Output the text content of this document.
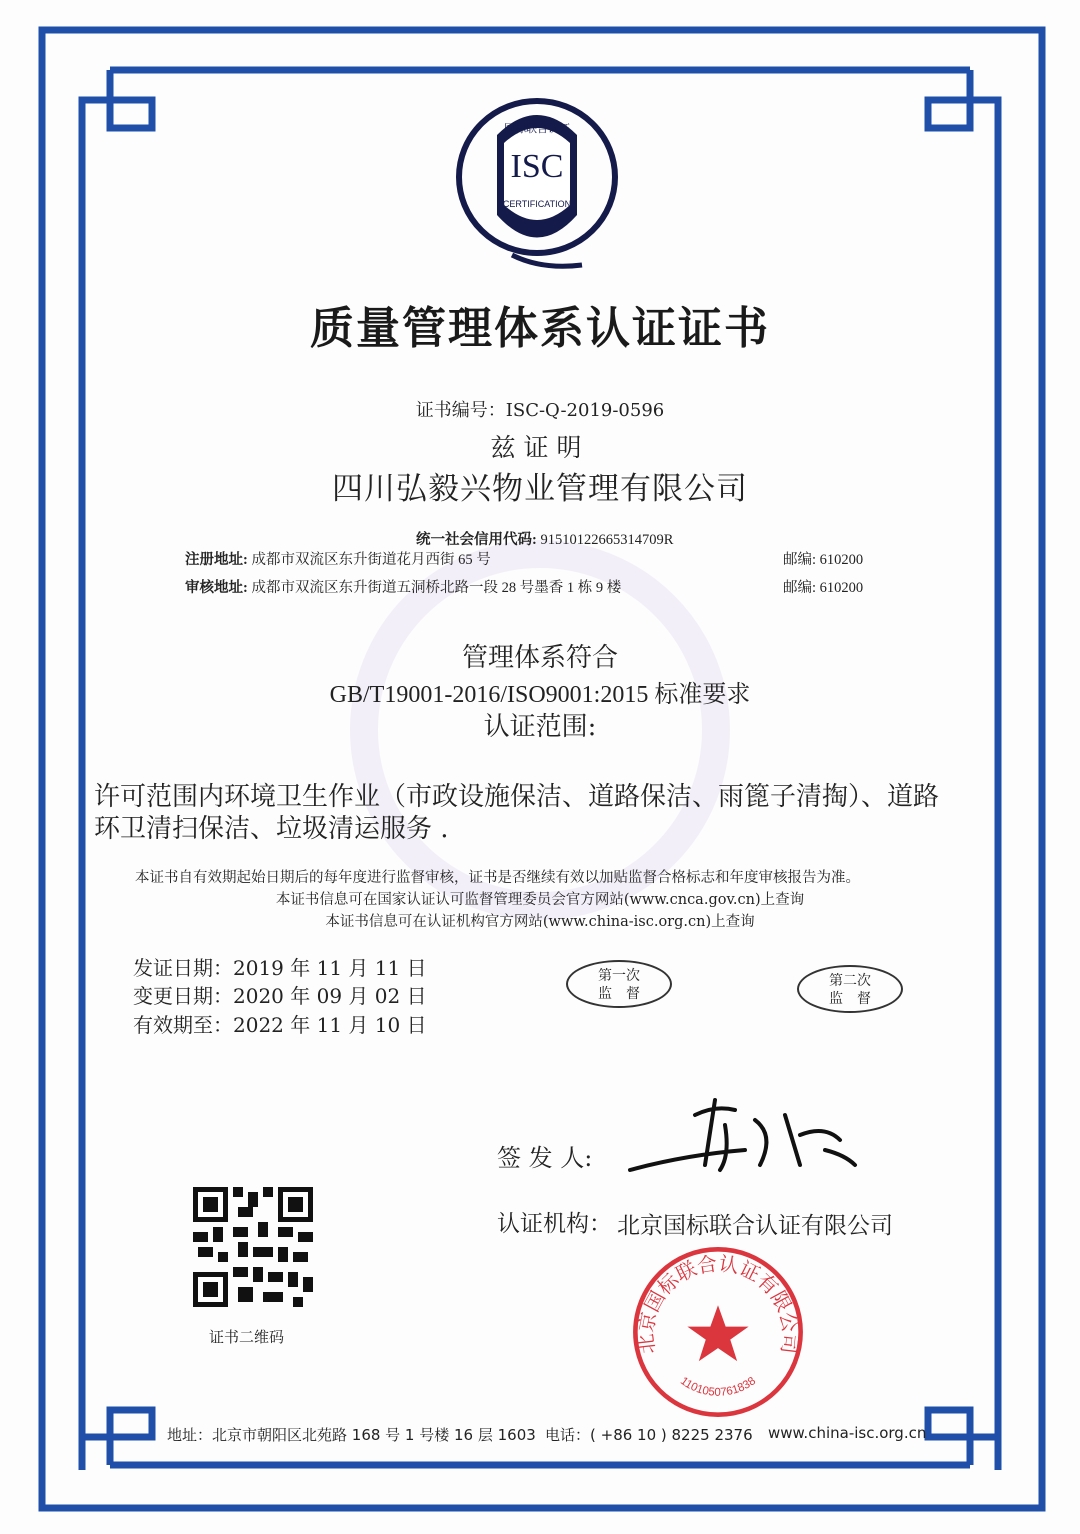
国标联合认证
ISC
CERTIFICATION
质量管理体系认证证书
证书编号：ISC-Q-2019-0596
兹证明
四川弘毅兴物业管理有限公司
统一社会信用代码: 91510122665314709R
注册地址: 成都市双流区东升街道花月西街 65 号	邮编: 610200
审核地址: 成都市双流区东升街道五洞桥北路一段 28 号墨香 1 栋 9 楼	邮编: 610200
管理体系符合
GB/T19001-2016/ISO9001:2015 标准要求
认证范围:
许可范围内环境卫生作业（市政设施保洁、道路保洁、雨篦子清掏）、道路
环卫清扫保洁、垃圾清运服务 .
本证书自有效期起始日期后的每年度进行监督审核，证书是否继续有效以加贴监督合格标志和年度审核报告为准。
本证书信息可在国家认证认可监督管理委员会官方网站(www.cnca.gov.cn)上查询
本证书信息可在认证机构官方网站(www.china-isc.org.cn)上查询
发证日期：2019 年 11 月 11 日
变更日期：2020 年 09 月 02 日
有效期至：2022 年 11 月 10 日
第一次
监　督
第二次
监　督
签 发 人:
证书二维码
认证机构： 北京国标联合认证有限公司
北京国标联合认证有限公司
1101050761838
地址：北京市朝阳区北苑路 168 号 1 号楼 16 层 1603 电话：( +86 10 ) 8225 2376 www.china-isc.org.cn
